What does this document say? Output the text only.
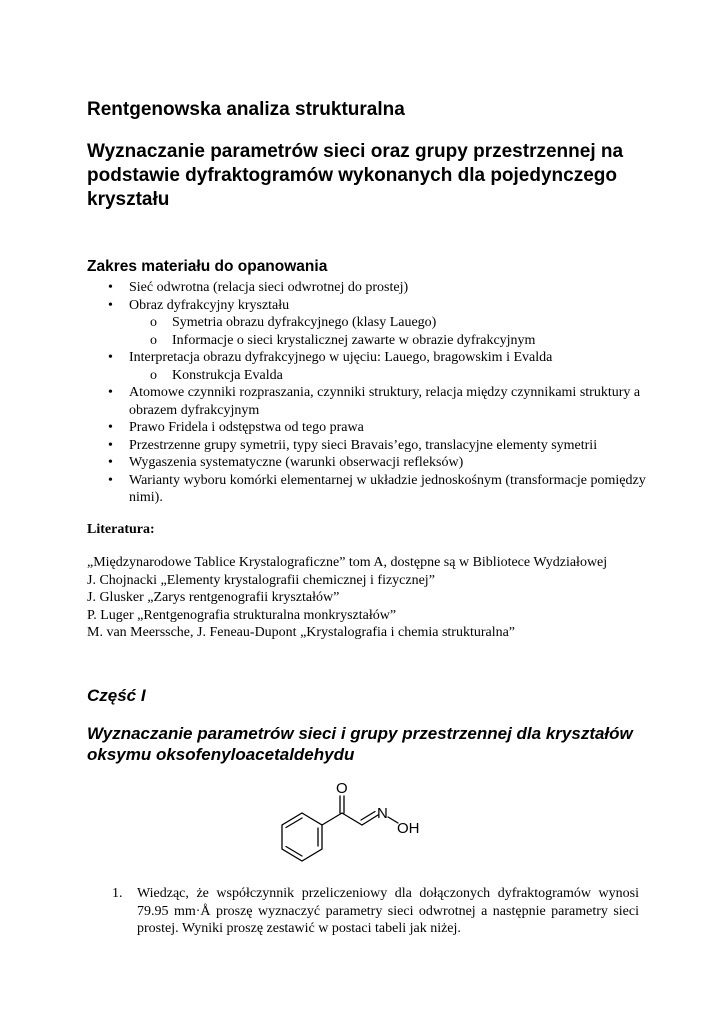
Rentgenowska analiza strukturalna
Wyznaczanie parametrów sieci oraz grupy przestrzennej na podstawie dyfraktogramów wykonanych dla pojedynczego kryształu
Zakres materiału do opanowania
• Sieć odwrotna (relacja sieci odwrotnej do prostej)
• Obraz dyfrakcyjny kryształu
o Symetria obrazu dyfrakcyjnego (klasy Lauego)
o Informacje o sieci krystalicznej zawarte w obrazie dyfrakcyjnym
• Interpretacja obrazu dyfrakcyjnego w ujęciu: Lauego, bragowskim i Evalda
o Konstrukcja Evalda
• Atomowe czynniki rozpraszania, czynniki struktury, relacja między czynnikami struktury a obrazem dyfrakcyjnym
• Prawo Fridela i odstępstwa od tego prawa
• Przestrzenne grupy symetrii, typy sieci Bravais’ego, translacyjne elementy symetrii
• Wygaszenia systematyczne (warunki obserwacji refleksów)
• Warianty wyboru komórki elementarnej w układzie jednoskośnym (transformacje pomiędzy nimi).
Literatura:
„Międzynarodowe Tablice Krystalograficzne” tom A, dostępne są w Bibliotece Wydziałowej
J. Chojnacki „Elementy krystalografii chemicznej i fizycznej”
J. Glusker „Zarys rentgenografii kryształów”
P. Luger „Rentgenografia strukturalna monkryształów”
M. van Meerssche, J. Feneau-Dupont „Krystalografia i chemia strukturalna”
Część I
Wyznaczanie parametrów sieci i grupy przestrzennej dla kryształów oksymu oksofenyloacetaldehydu
O
N
OH
1. Wiedząc, że współczynnik przeliczeniowy dla dołączonych dyfraktogramów wynosi 79.95 mm·Å proszę wyznaczyć parametry sieci odwrotnej a następnie parametry sieci prostej. Wyniki proszę zestawić w postaci tabeli jak niżej.
